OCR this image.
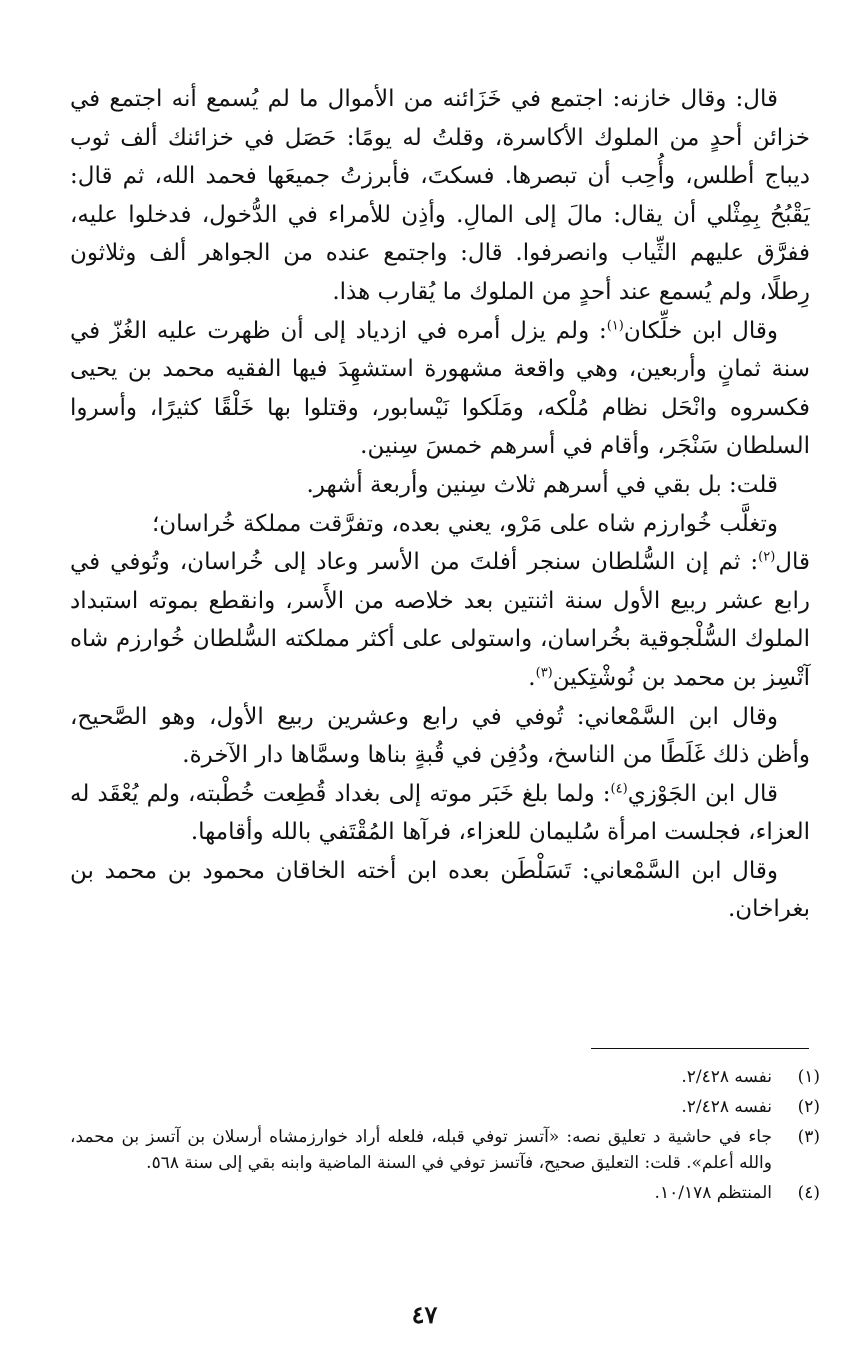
قال: وقال خازنه: اجتمع في خَزَائنه من الأموال ما لم يُسمع أنه اجتمع في خزائن أحدٍ من الملوك الأكاسرة، وقلتُ له يومًا: حَصَل في خزائنك ألف ثوب ديباج أطلس، وأُحِب أن تبصرها. فسكتَ، فأبرزتُ جميعَها فحمد الله، ثم قال: يَقْبُحُ بِمِثْلي أن يقال: مالَ إلى المالِ. وأذِن للأمراء في الدُّخول، فدخلوا عليه، ففرَّق عليهم الثِّياب وانصرفوا. قال: واجتمع عنده من الجواهر ألف وثلاثون رِطلًا، ولم يُسمع عند أحدٍ من الملوك ما يُقارب هذا.

وقال ابن خلِّكان$^{(١)}$: ولم يزل أمره في ازدياد إلى أن ظهرت عليه الغُزّ في سنة ثمانٍ وأربعين، وهي واقعة مشهورة استشهِدَ فيها الفقيه محمد بن يحيى فكسروه وانْحَل نظام مُلْكه، ومَلَكوا نَيْسابور، وقتلوا بها خَلْقًا كثيرًا، وأسروا السلطان سَنْجَر، وأقام في أسرهم خمسَ سِنين.

قلت: بل بقي في أسرهم ثلاث سِنين وأربعة أشهر.

وتغلَّب خُوارزم شاه على مَرْو، يعني بعده، وتفرَّقت مملكة خُراسان؛

قال$^{(٢)}$: ثم إن السُّلطان سنجر أفلتَ من الأسر وعاد إلى خُراسان، وتُوفي في رابع عشر ربيع الأول سنة اثنتين بعد خلاصه من الأَسر، وانقطع بموته استبداد الملوك السُّلْجوقية بخُراسان، واستولى على أكثر مملكته السُّلطان خُوارزم شاه آتْسِز بن محمد بن نُوشْتِكين$^{(٣)}$.

وقال ابن السَّمْعاني: تُوفي في رابع وعشرين ربيع الأول، وهو الصَّحيح، وأظن ذلك غَلَطًا من الناسخ، ودُفِن في قُبةٍ بناها وسمَّاها دار الآخرة.

قال ابن الجَوْزي$^{(٤)}$: ولما بلغ خَبَر موته إلى بغداد قُطِعت خُطْبته، ولم يُعْقَد له العزاء، فجلست امرأة سُليمان للعزاء، فرآها المُقْتَفي بالله وأقامها.

وقال ابن السَّمْعاني: تَسَلْطَن بعده ابن أخته الخاقان محمود بن محمد بن بغراخان.

(١)
نفسه ٢/٤٢٨.
(٢)
نفسه ٢/٤٢٨.
(٣)
جاء في حاشية د تعليق نصه: «آتسز توفي قبله، فلعله أراد خوارزمشاه أرسلان بن آتسز بن محمد، والله أعلم». قلت: التعليق صحيح، فآتسز توفي في السنة الماضية وابنه بقي إلى سنة ٥٦٨.
(٤)
المنتظم ١٠/١٧٨.
٤٧
